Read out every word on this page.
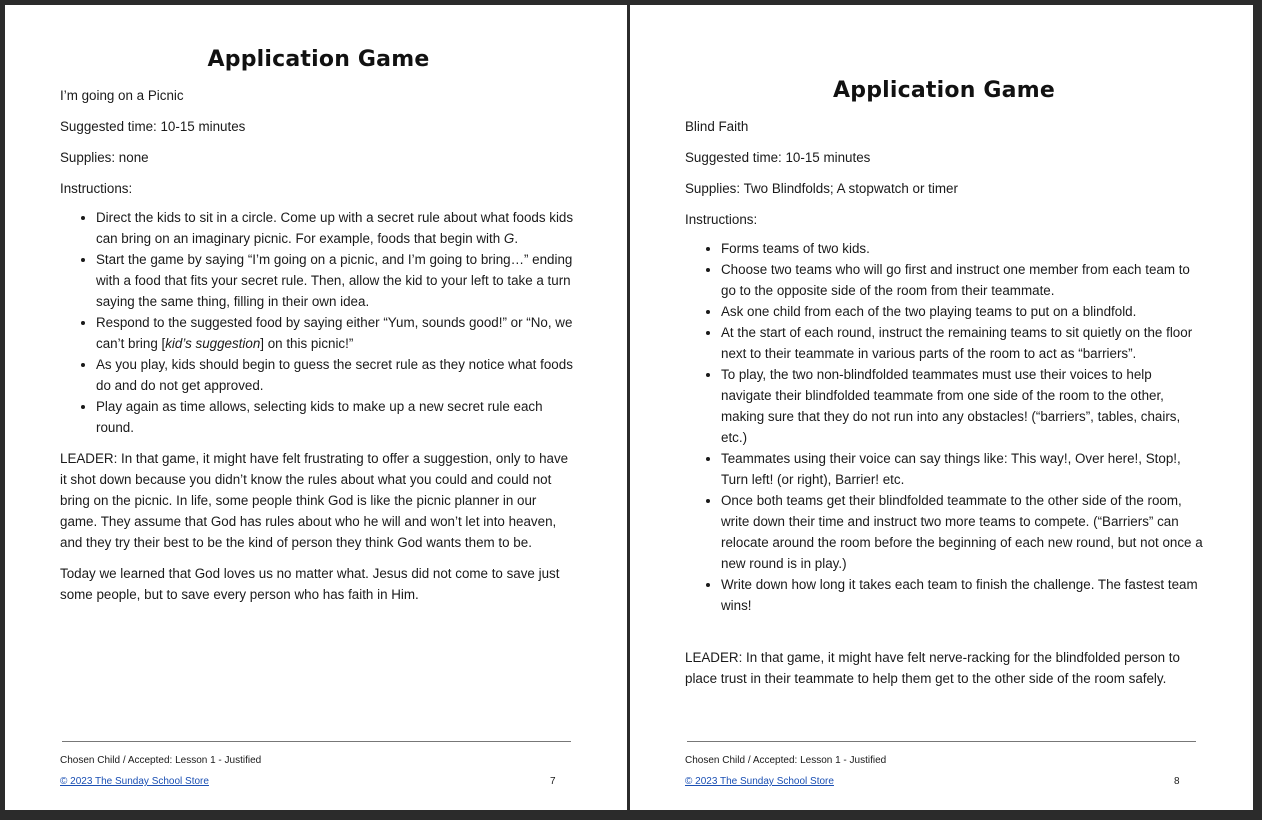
Application Game

I’m going on a Picnic

Suggested time: 10-15 minutes

Supplies: none

Instructions:

• Direct the kids to sit in a circle. Come up with a secret rule about what foods kids can bring on an imaginary picnic. For example, foods that begin with G.
• Start the game by saying “I’m going on a picnic, and I’m going to bring…” ending with a food that fits your secret rule. Then, allow the kid to your left to take a turn saying the same thing, filling in their own idea.
• Respond to the suggested food by saying either “Yum, sounds good!” or “No, we can’t bring [kid’s suggestion] on this picnic!”
• As you play, kids should begin to guess the secret rule as they notice what foods do and do not get approved.
• Play again as time allows, selecting kids to make up a new secret rule each round.

LEADER: In that game, it might have felt frustrating to offer a suggestion, only to have it shot down because you didn’t know the rules about what you could and could not bring on the picnic. In life, some people think God is like the picnic planner in our game. They assume that God has rules about who he will and won’t let into heaven, and they try their best to be the kind of person they think God wants them to be.

Today we learned that God loves us no matter what. Jesus did not come to save just some people, but to save every person who has faith in Him.

Chosen Child / Accepted: Lesson 1 - Justified
© 2023 The Sunday School Store	7
Application Game

Blind Faith

Suggested time: 10-15 minutes

Supplies: Two Blindfolds; A stopwatch or timer

Instructions:

• Forms teams of two kids.
• Choose two teams who will go first and instruct one member from each team to go to the opposite side of the room from their teammate.
• Ask one child from each of the two playing teams to put on a blindfold.
• At the start of each round, instruct the remaining teams to sit quietly on the floor next to their teammate in various parts of the room to act as “barriers”.
• To play, the two non-blindfolded teammates must use their voices to help navigate their blindfolded teammate from one side of the room to the other, making sure that they do not run into any obstacles! (“barriers”, tables, chairs, etc.)
• Teammates using their voice can say things like: This way!, Over here!, Stop!, Turn left! (or right), Barrier! etc.
• Once both teams get their blindfolded teammate to the other side of the room, write down their time and instruct two more teams to compete. (“Barriers” can relocate around the room before the beginning of each new round, but not once a new round is in play.)
• Write down how long it takes each team to finish the challenge. The fastest team wins!

LEADER: In that game, it might have felt nerve-racking for the blindfolded person to place trust in their teammate to help them get to the other side of the room safely.

Chosen Child / Accepted: Lesson 1 - Justified
© 2023 The Sunday School Store	8
